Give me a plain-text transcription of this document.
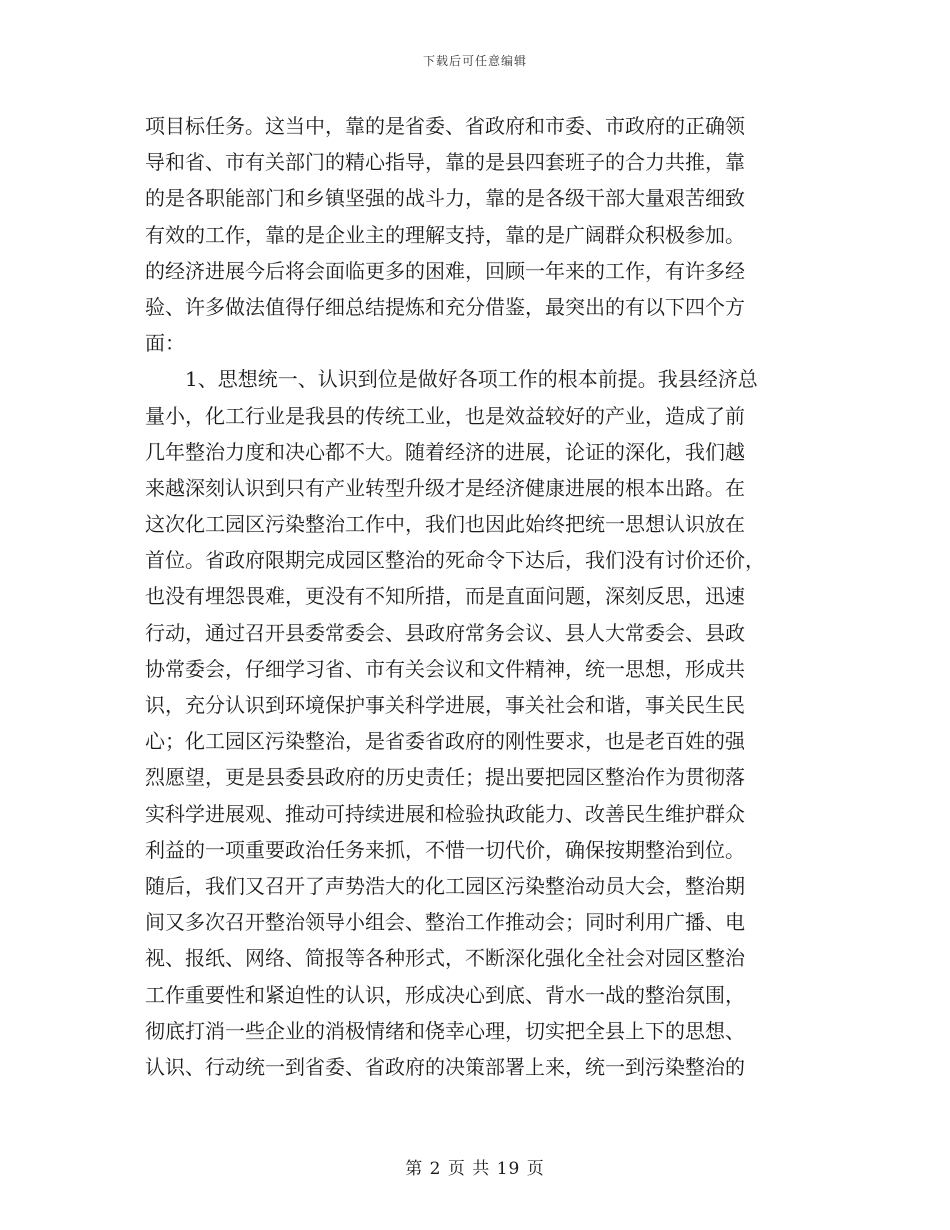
下载后可任意编辑
项目标任务。这当中，靠的是省委、省政府和市委、市政府的正确领
导和省、市有关部门的精心指导，靠的是县四套班子的合力共推，靠
的是各职能部门和乡镇坚强的战斗力，靠的是各级干部大量艰苦细致
有效的工作，靠的是企业主的理解支持，靠的是广阔群众积极参加。
的经济进展今后将会面临更多的困难，回顾一年来的工作，有许多经
验、许多做法值得仔细总结提炼和充分借鉴，最突出的有以下四个方
面：
　　1、思想统一、认识到位是做好各项工作的根本前提。我县经济总
量小，化工行业是我县的传统工业，也是效益较好的产业，造成了前
几年整治力度和决心都不大。随着经济的进展，论证的深化，我们越
来越深刻认识到只有产业转型升级才是经济健康进展的根本出路。在
这次化工园区污染整治工作中，我们也因此始终把统一思想认识放在
首位。省政府限期完成园区整治的死命令下达后，我们没有讨价还价，
也没有埋怨畏难，更没有不知所措，而是直面问题，深刻反思，迅速
行动，通过召开县委常委会、县政府常务会议、县人大常委会、县政
协常委会，仔细学习省、市有关会议和文件精神，统一思想，形成共
识，充分认识到环境保护事关科学进展，事关社会和谐，事关民生民
心；化工园区污染整治，是省委省政府的刚性要求，也是老百姓的强
烈愿望，更是县委县政府的历史责任；提出要把园区整治作为贯彻落
实科学进展观、推动可持续进展和检验执政能力、改善民生维护群众
利益的一项重要政治任务来抓，不惜一切代价，确保按期整治到位。
随后，我们又召开了声势浩大的化工园区污染整治动员大会，整治期
间又多次召开整治领导小组会、整治工作推动会；同时利用广播、电
视、报纸、网络、简报等各种形式，不断深化强化全社会对园区整治
工作重要性和紧迫性的认识，形成决心到底、背水一战的整治氛围，
彻底打消一些企业的消极情绪和侥幸心理，切实把全县上下的思想、
认识、行动统一到省委、省政府的决策部署上来，统一到污染整治的
第 2 页 共 19 页
